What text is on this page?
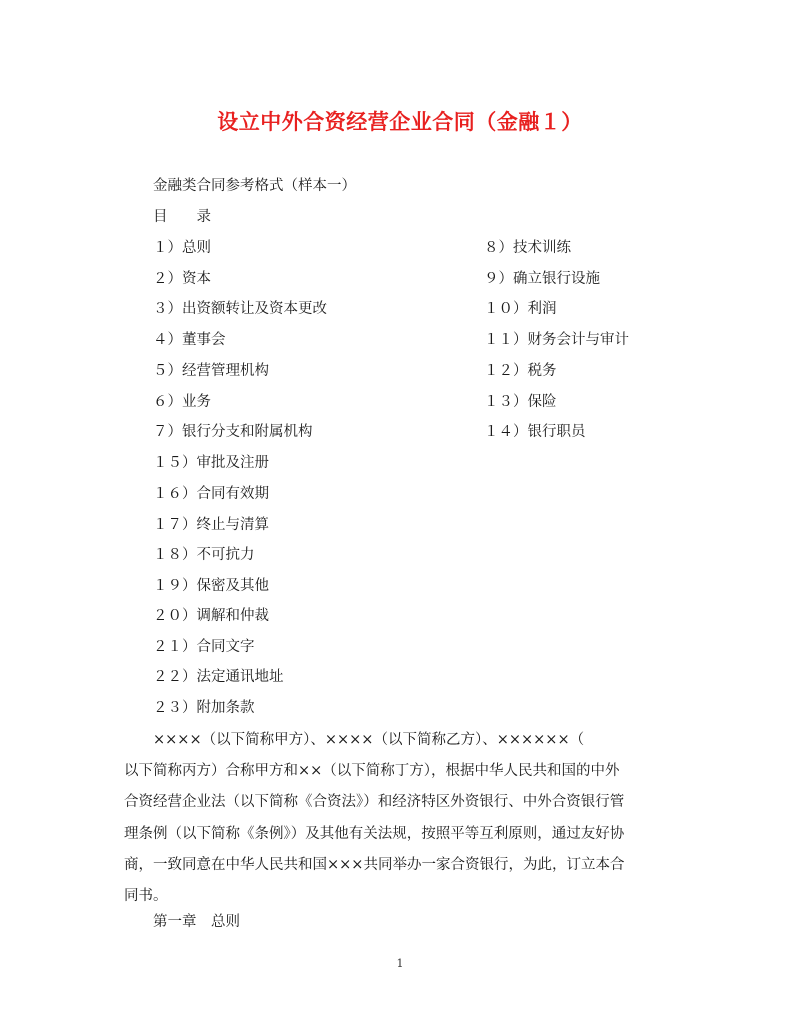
设立中外合资经营企业合同（金融１）
金融类合同参考格式（样本一）
目　　录
１）总则
２）资本
３）出资额转让及资本更改
４）董事会
５）经营管理机构
６）业务
７）银行分支和附属机构
１５）审批及注册
１６）合同有效期
１７）终止与清算
１８）不可抗力
１９）保密及其他
２０）调解和仲裁
２１）合同文字
２２）法定通讯地址
２３）附加条款
８）技术训练
９）确立银行设施
１０）利润
１１）财务会计与审计
１２）税务
１３）保险
１４）银行职员
××××（以下简称甲方）、××××（以下简称乙方）、××××××（
以下简称丙方）合称甲方和××（以下简称丁方），根据中华人民共和国的中外
合资经营企业法（以下简称《合资法》）和经济特区外资银行、中外合资银行管
理条例（以下简称《条例》）及其他有关法规，按照平等互利原则，通过友好协
商，一致同意在中华人民共和国×××共同举办一家合资银行，为此，订立本合
同书。
第一章　总则
1
